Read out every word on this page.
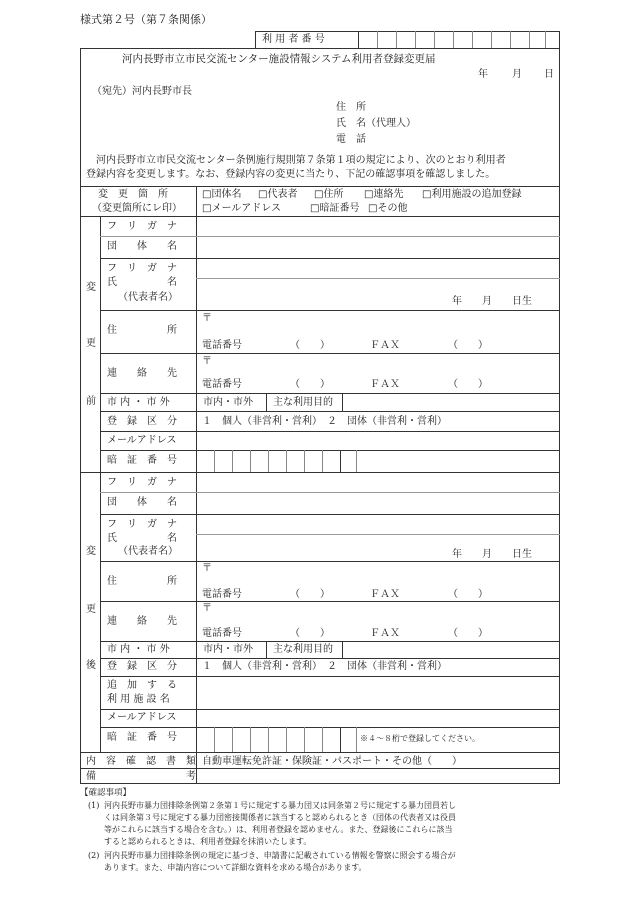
様式第２号（第７条関係）
利 用 者 番 号
河内長野市立市民交流センター施設情報システム利用者登録変更届
年 月 日
（宛先）河内長野市長
住　所
氏　名（代理人）
電　話
河内長野市立市民交流センター条例施行規則第７条第１項の規定により、次のとおり利用者
登録内容を変更します。なお、登録内容の変更に当たり、下記の確認事項を確認しました。
変　更　箇　所
（変更箇所にレ印）
□団体名 □代表者 □住所 □連絡先 □利用施設の追加登録
□メールアドレス	□暗証番号 □その他
変
更
前
フ　リ　ガ　ナ
団　　体　　名
フ　リ　ガ　ナ
氏　　　　　名
（代表者名）	年　　月　　日生
住　　　　　所
〒
電話番号	（　　）	ＦＡＸ	（　　）
連　　絡　　先
〒
電話番号	（　　）	ＦＡＸ	（　　）
市 内 ・ 市 外	市内・市外 主な利用目的
登　録　区　分	１　個人（非営利・営利）　２　団体（非営利・営利）
メールアドレス
暗　証　番　号
変
更
後
フ　リ　ガ　ナ
団　　体　　名
フ　リ　ガ　ナ
氏　　　　　名
（代表者名）	年　　月　　日生
住　　　　　所
〒
電話番号	（　　）	ＦＡＸ	（　　）
連　　絡　　先
〒
電話番号	（　　）	ＦＡＸ	（　　）
市 内 ・ 市 外	市内・市外 主な利用目的
登　録　区　分	１　個人（非営利・営利）　２　団体（非営利・営利）
追　加　す　る
利 用 施 設 名
メールアドレス
暗　証　番　号	※４～８桁で登録してください。
内　容　確　認　書　類 自動車運転免許証・保険証・パスポート・その他（　　）
備　　　　　　　　　考
【確認事項】
(1) 河内長野市暴力団排除条例第２条第１号に規定する暴力団又は同条第２号に規定する暴力団員若し
くは同条第３号に規定する暴力団密接関係者に該当すると認められるとき（団体の代表者又は役員
等がこれらに該当する場合を含む。）は、利用者登録を認めません。また、登録後にこれらに該当
すると認められるときは、利用者登録を抹消いたします。
(2) 河内長野市暴力団排除条例の規定に基づき、申請書に記載されている情報を警察に照会する場合が
あります。また、申請内容について詳細な資料を求める場合があります。
